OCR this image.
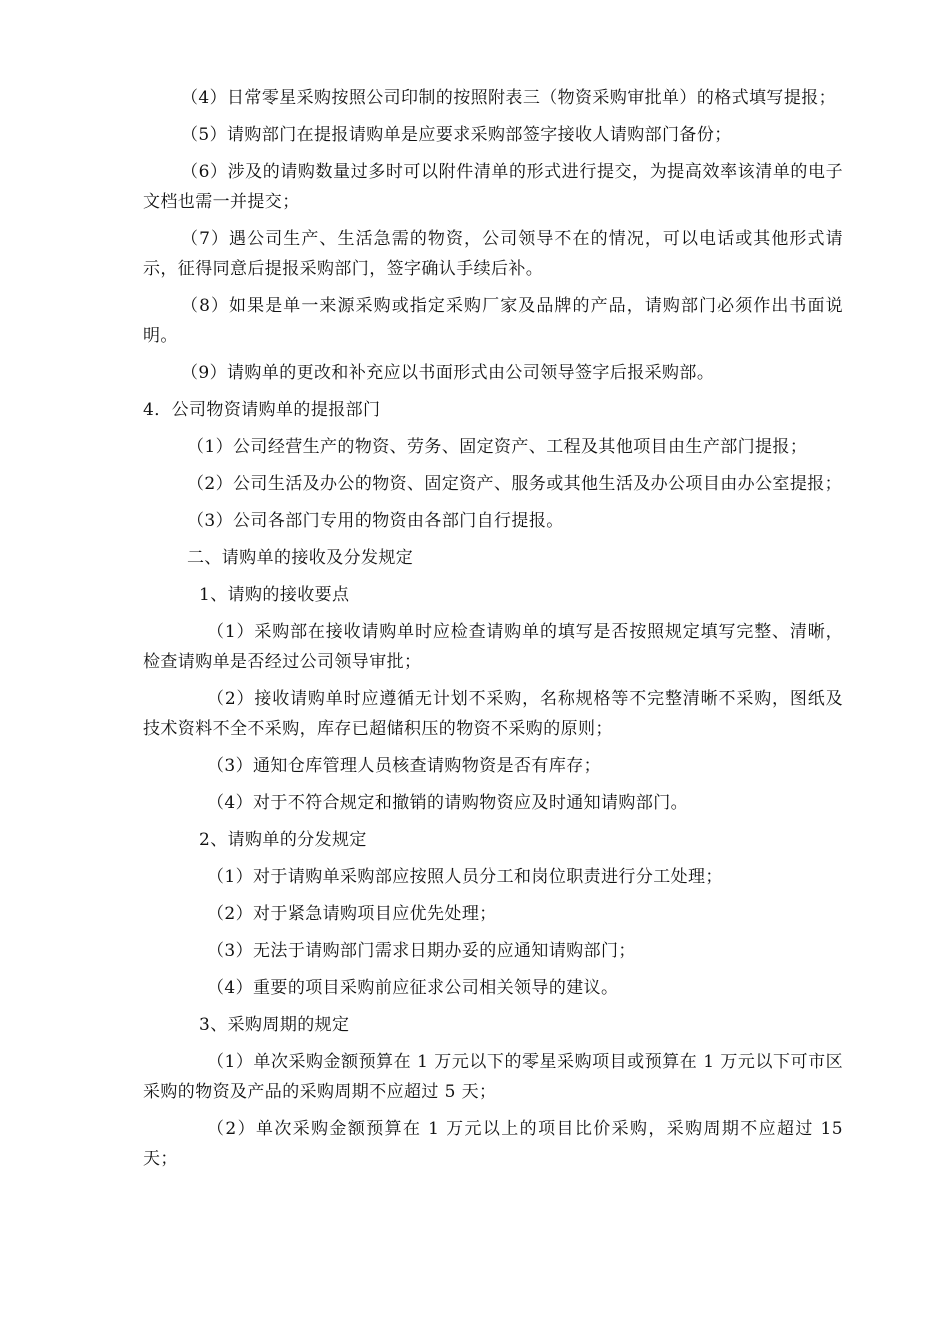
（4）日常零星采购按照公司印制的按照附表三（物资采购审批单）的格式填写提报；

（5）请购部门在提报请购单是应要求采购部签字接收人请购部门备份；

（6）涉及的请购数量过多时可以附件清单的形式进行提交，为提高效率该清单的电子文档也需一并提交；

（7）遇公司生产、生活急需的物资，公司领导不在的情况，可以电话或其他形式请示，征得同意后提报采购部门，签字确认手续后补。

（8）如果是单一来源采购或指定采购厂家及品牌的产品，请购部门必须作出书面说明。

（9）请购单的更改和补充应以书面形式由公司领导签字后报采购部。

4．公司物资请购单的提报部门

（1）公司经营生产的物资、劳务、固定资产、工程及其他项目由生产部门提报；

（2）公司生活及办公的物资、固定资产、服务或其他生活及办公项目由办公室提报；

（3）公司各部门专用的物资由各部门自行提报。

二、请购单的接收及分发规定

1、请购的接收要点

（1）采购部在接收请购单时应检查请购单的填写是否按照规定填写完整、清晰，检查请购单是否经过公司领导审批；

（2）接收请购单时应遵循无计划不采购，名称规格等不完整清晰不采购，图纸及技术资料不全不采购，库存已超储积压的物资不采购的原则；

（3）通知仓库管理人员核查请购物资是否有库存；

（4）对于不符合规定和撤销的请购物资应及时通知请购部门。

2、请购单的分发规定

（1）对于请购单采购部应按照人员分工和岗位职责进行分工处理；

（2）对于紧急请购项目应优先处理；

（3）无法于请购部门需求日期办妥的应通知请购部门；

（4）重要的项目采购前应征求公司相关领导的建议。

3、采购周期的规定

（1）单次采购金额预算在 1 万元以下的零星采购项目或预算在 1 万元以下可市区采购的物资及产品的采购周期不应超过 5 天；

（2）单次采购金额预算在 1 万元以上的项目比价采购，采购周期不应超过 15 天；
